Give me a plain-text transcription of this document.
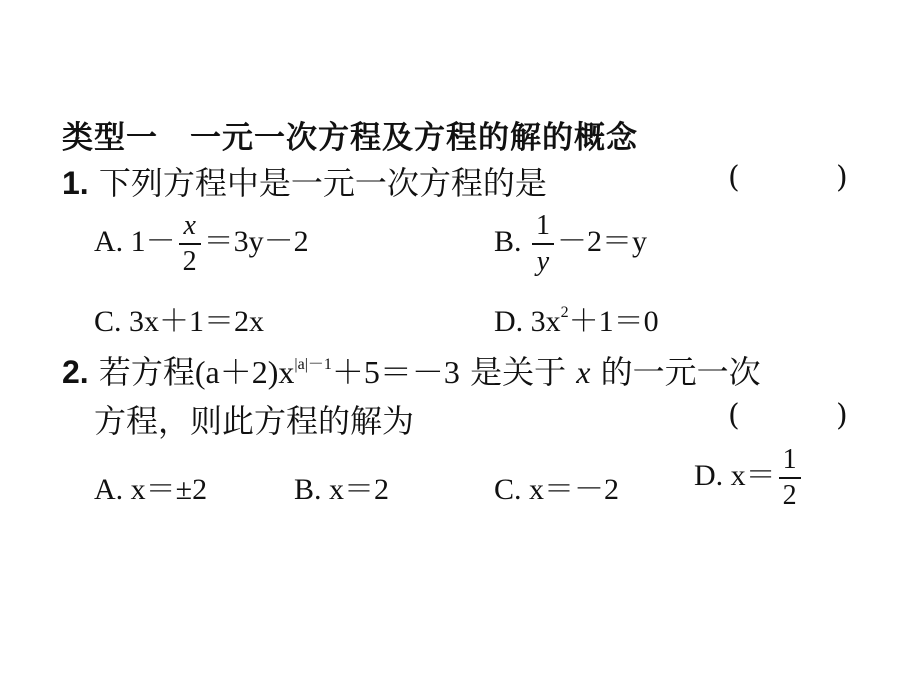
类型一　一元一次方程及方程的解的概念
1. 下列方程中是一元一次方程的是	(	)
A. $1- \frac{x}{2} =3y-2$	B. $\frac{1}{y} -2=y$
C. 3x＋1＝2x	D. $3x^2+1=0$
2. 若方程$(a+2)x^{|a|-1}+5=-3$ 是关于 x 的一元一次
方程，则此方程的解为	(	)
A. x＝±2	B. x＝2	C. x＝－2 D. $x= \frac{1}{2}$
